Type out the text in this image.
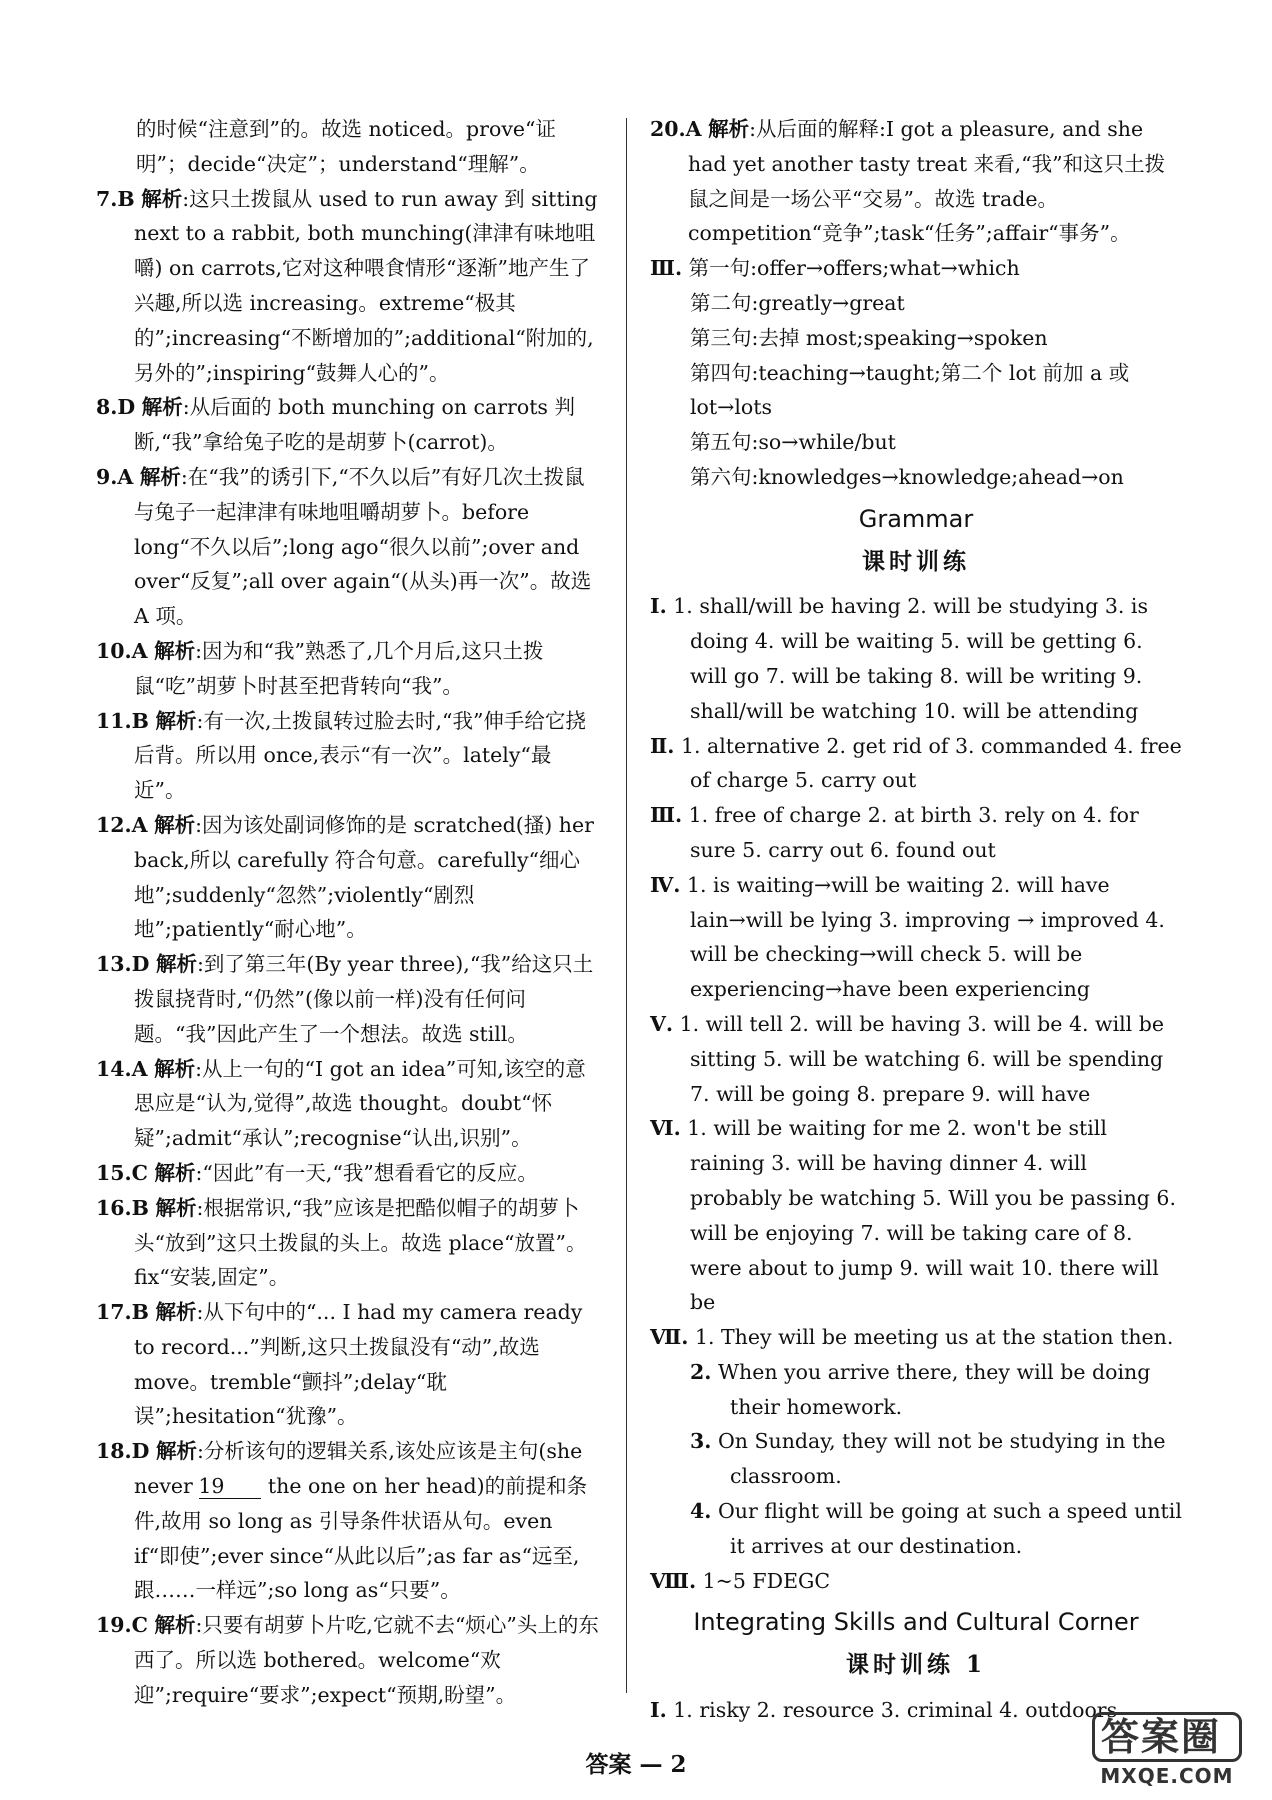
的时候“注意到”的。故选 noticed。prove“证明”；decide“决定”；understand“理解”。
7.B 解析:这只土拨鼠从 used to run away 到 sitting next to a rabbit, both munching(津津有味地咀嚼) on carrots,它对这种喂食情形“逐渐”地产生了兴趣,所以选 increasing。extreme“极其的”;increasing“不断增加的”;additional“附加的,另外的”;inspiring“鼓舞人心的”。
8.D 解析:从后面的 both munching on carrots 判断,“我”拿给兔子吃的是胡萝卜(carrot)。
9.A 解析:在“我”的诱引下,“不久以后”有好几次土拨鼠与兔子一起津津有味地咀嚼胡萝卜。before long“不久以后”;long ago“很久以前”;over and over“反复”;all over again“(从头)再一次”。故选 A 项。
10.A 解析:因为和“我”熟悉了,几个月后,这只土拨鼠“吃”胡萝卜时甚至把背转向“我”。
11.B 解析:有一次,土拨鼠转过脸去时,“我”伸手给它挠后背。所以用 once,表示“有一次”。lately“最近”。
12.A 解析:因为该处副词修饰的是 scratched(搔) her back,所以 carefully 符合句意。carefully“细心地”;suddenly“忽然”;violently“剧烈地”;patiently“耐心地”。
13.D 解析:到了第三年(By year three),“我”给这只土拨鼠挠背时,“仍然”(像以前一样)没有任何问题。“我”因此产生了一个想法。故选 still。
14.A 解析:从上一句的“I got an idea”可知,该空的意思应是“认为,觉得”,故选 thought。doubt“怀疑”;admit“承认”;recognise“认出,识别”。
15.C 解析:“因此”有一天,“我”想看看它的反应。
16.B 解析:根据常识,“我”应该是把酷似帽子的胡萝卜头“放到”这只土拨鼠的头上。故选 place“放置”。fix“安装,固定”。
17.B 解析:从下句中的“... I had my camera ready to record...”判断,这只土拨鼠没有“动”,故选 move。tremble“颤抖”;delay“耽误”;hesitation“犹豫”。
18.D 解析:分析该句的逻辑关系,该处应该是主句(she never 19 the one on her head)的前提和条件,故用 so long as 引导条件状语从句。even if“即使”;ever since“从此以后”;as far as“远至,跟……一样远”;so long as“只要”。
19.C 解析:只要有胡萝卜片吃,它就不去“烦心”头上的东西了。所以选 bothered。welcome“欢迎”;require“要求”;expect“预期,盼望”。
20.A 解析:从后面的解释:I got a pleasure, and she had yet another tasty treat 来看,“我”和这只土拨鼠之间是一场公平“交易”。故选 trade。competition“竞争”;task“任务”;affair“事务”。
Ⅲ. 第一句:offer→offers;what→which
第二句:greatly→great
第三句:去掉 most;speaking→spoken
第四句:teaching→taught;第二个 lot 前加 a 或 lot→lots
第五句:so→while/but
第六句:knowledges→knowledge;ahead→on
Grammar
课时训练
Ⅰ. 1. shall/will be having 2. will be studying 3. is doing 4. will be waiting 5. will be getting 6. will go 7. will be taking 8. will be writing 9. shall/will be watching 10. will be attending
Ⅱ. 1. alternative 2. get rid of 3. commanded 4. free of charge 5. carry out
Ⅲ. 1. free of charge 2. at birth 3. rely on 4. for sure 5. carry out 6. found out
Ⅳ. 1. is waiting→will be waiting 2. will have lain→will be lying 3. improving → improved 4. will be checking→will check 5. will be experiencing→have been experiencing
Ⅴ. 1. will tell 2. will be having 3. will be 4. will be sitting 5. will be watching 6. will be spending 7. will be going 8. prepare 9. will have
Ⅵ. 1. will be waiting for me 2. won't be still raining 3. will be having dinner 4. will probably be watching 5. Will you be passing 6. will be enjoying 7. will be taking care of 8. were about to jump 9. will wait 10. there will be
Ⅶ. 1. They will be meeting us at the station then.
2. When you arrive there, they will be doing their homework.
3. On Sunday, they will not be studying in the classroom.
4. Our flight will be going at such a speed until it arrives at our destination.
Ⅷ. 1~5 FDEGC
Integrating Skills and Cultural Corner
课时训练 1
Ⅰ. 1. risky 2. resource 3. criminal 4. outdoors
答案 — 2
答案圈
MXQE.COM
